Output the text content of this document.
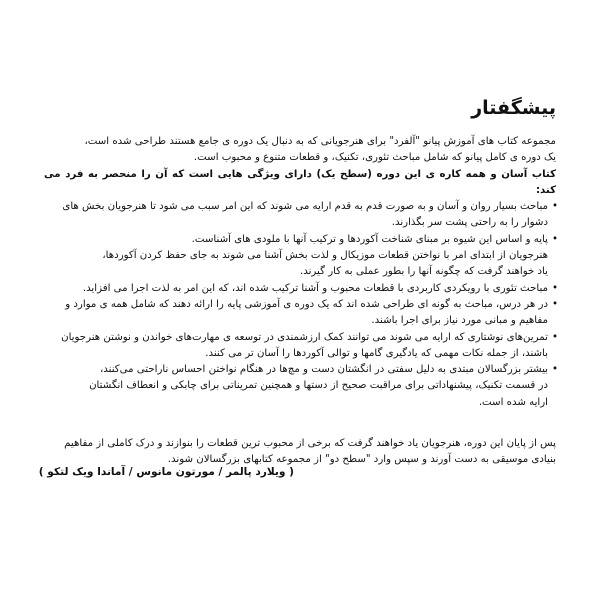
پیشگفتار

مجموعه کتاب های آموزش پیانو "آلفرد" برای هنرجویانی که به دنبال یک دوره ی جامع هستند طراحی شده است،
یک دوره ی کامل پیانو که شامل مباحث تئوری، تکنیک، و قطعات متنوع و محبوب است.

کتاب آسان و همه کاره ی این دوره (سطح یک) دارای ویژگی هایی است که آن را منحصر به فرد می کند:

• مباحث بسیار روان و آسان و به صورت قدم به قدم ارایه می شوند که این امر سبب می شود تا هنرجویان بخش های
دشوار را به راحتی پشت سر بگذارند.
• پایه و اساس این شیوه بر مبنای شناخت آکوردها و ترکیب آنها با ملودی های آشناست.
هنرجویان از ابتدای امر با نواختن قطعات موزیکال و لذت بخش آشنا می شوند به جای حفظ کردن آکوردها،
یاد خواهند گرفت که چگونه آنها را بطور عملی به کار گیرند.
• مباحث تئوری با رویکردی کاربردی با قطعات محبوب و آشنا ترکیب شده اند، که این امر به لذت اجرا می افزاید.
• در هر درس، مباحث به گونه ای طراحی شده اند که یک دوره ی آموزشی پایه را ارائه دهند که شامل همه ی موارد و
مفاهیم و مبانی مورد نیاز برای اجرا باشند.
• تمرین‌های نوشتاری که ارایه می شوند می توانند کمک ارزشمندی در توسعه ی مهارت‌های خواندن و نوشتن هنرجویان
باشند، از جمله نکات مهمی که یادگیری گامها و توالی آکوردها را آسان تر می کنند.
• بیشتر بزرگسالان مبتدی به دلیل سفتی در انگشتان دست و مچ‌ها در هنگام نواختن احساس ناراحتی می‌کنند،
در قسمت تکنیک، پیشنهاداتی برای مراقبت صحیح از دستها و همچنین تمریناتی برای چابکی و انعطاف انگشتان
ارایه شده است.

پس از پایان این دوره، هنرجویان یاد خواهند گرفت که برخی از محبوب ترین قطعات را بنوازند و درک کاملی از مفاهیم
بنیادی موسیقی به دست آورند و سپس وارد "سطح دو" از مجموعه کتابهای بزرگسالان شوند.

( ویلارد پالمر / مورتون مانوس / آماندا ویک لتکو )
